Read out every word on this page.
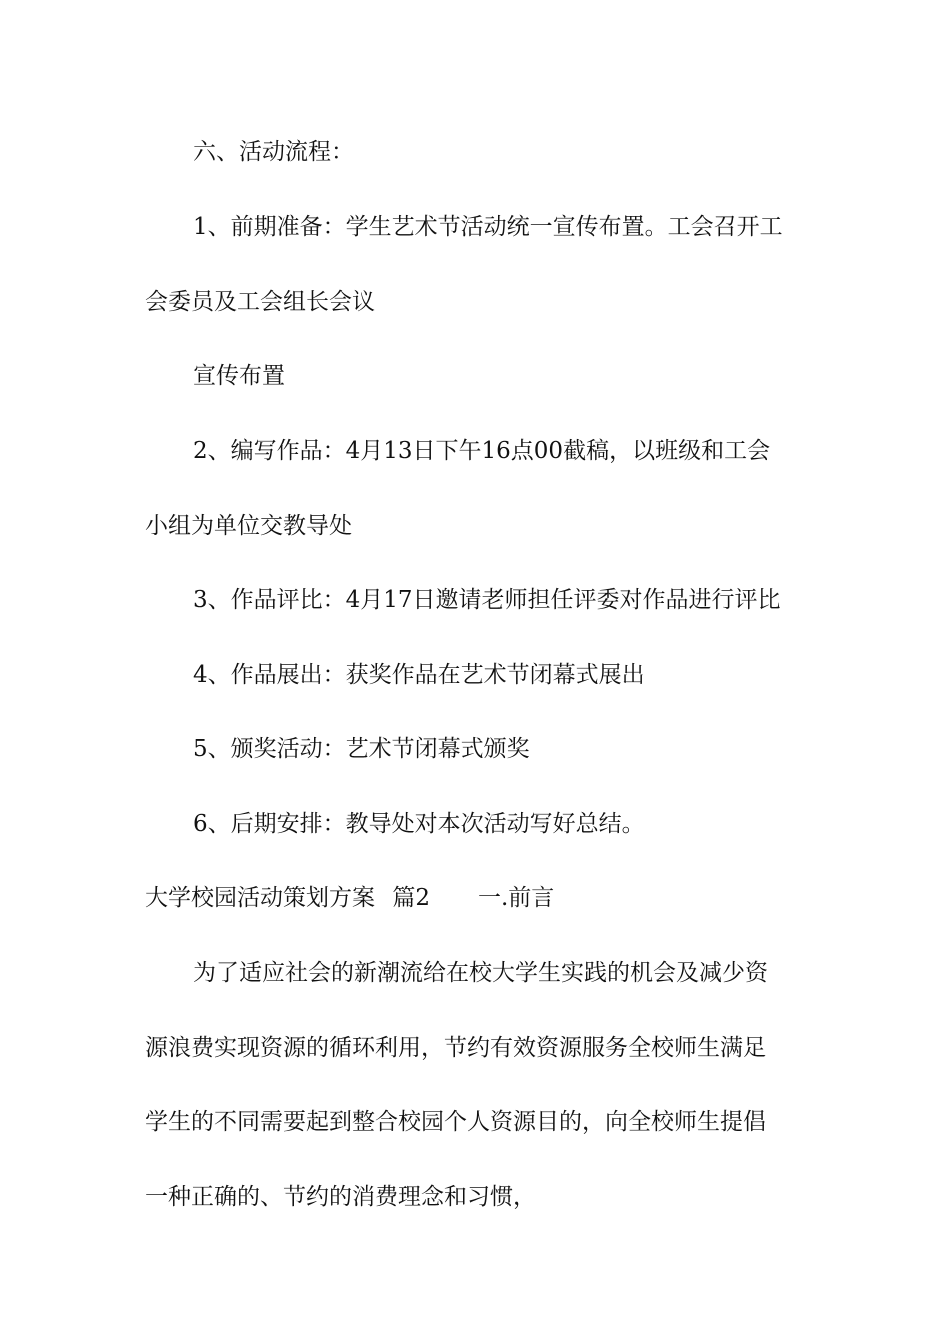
六、活动流程：
1、前期准备：学生艺术节活动统一宣传布置。工会召开工
会委员及工会组长会议
宣传布置
2、编写作品：4月13日下午16点00截稿，以班级和工会
小组为单位交教导处
3、作品评比：4月17日邀请老师担任评委对作品进行评比
4、作品展出：获奖作品在艺术节闭幕式展出
5、颁奖活动：艺术节闭幕式颁奖
6、后期安排：教导处对本次活动写好总结。
大学校园活动策划方案 篇2 一.前言
为了适应社会的新潮流给在校大学生实践的机会及减少资
源浪费实现资源的循环利用，节约有效资源服务全校师生满足
学生的不同需要起到整合校园个人资源目的，向全校师生提倡
一种正确的、节约的消费理念和习惯，
